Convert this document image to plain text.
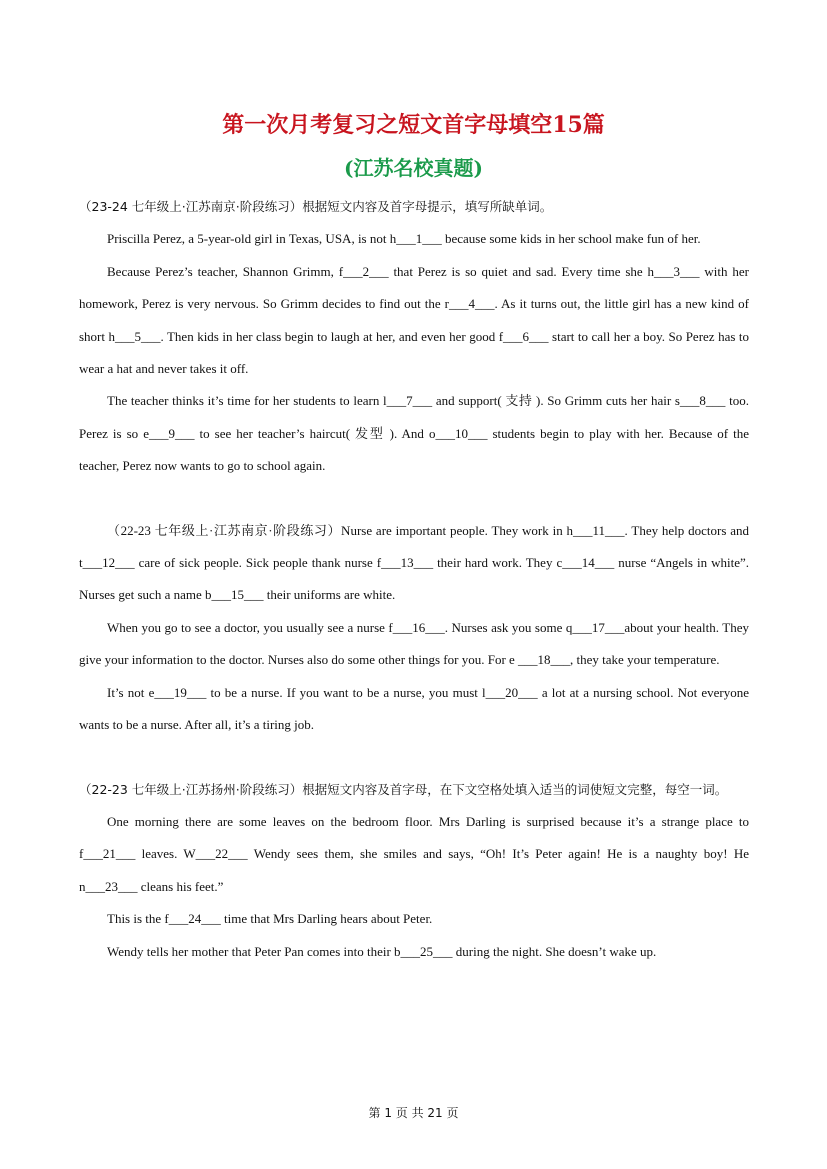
第一次月考复习之短文首字母填空15篇
(江苏名校真题)

（23-24 七年级上·江苏南京·阶段练习）根据短文内容及首字母提示，填写所缺单词。

Priscilla Perez, a 5-year-old girl in Texas, USA, is not h___1___ because some kids in her school make fun of her.

Because Perez’s teacher, Shannon Grimm, f___2___ that Perez is so quiet and sad. Every time she h___3___ with her homework, Perez is very nervous. So Grimm decides to find out the r___4___. As it turns out, the little girl has a new kind of short h___5___. Then kids in her class begin to laugh at her, and even her good f___6___ start to call her a boy. So Perez has to wear a hat and never takes it off.

The teacher thinks it’s time for her students to learn l___7___ and support( 支持 ). So Grimm cuts her hair s___8___ too. Perez is so e___9___ to see her teacher’s haircut( 发型 ). And o___10___ students begin to play with her. Because of the teacher, Perez now wants to go to school again.

（22-23 七年级上·江苏南京·阶段练习）Nurse are important people. They work in h___11___. They help doctors and t___12___ care of sick people. Sick people thank nurse f___13___ their hard work. They c___14___ nurse “Angels in white”. Nurses get such a name b___15___ their uniforms are white.

When you go to see a doctor, you usually see a nurse f___16___. Nurses ask you some q___17___about your health. They give your information to the doctor. Nurses also do some other things for you. For e ___18___, they take your temperature.

It’s not e___19___ to be a nurse. If you want to be a nurse, you must l___20___ a lot at a nursing school. Not everyone wants to be a nurse. After all, it’s a tiring job.

（22-23 七年级上·江苏扬州·阶段练习）根据短文内容及首字母，在下文空格处填入适当的词使短文完整，每空一词。

One morning there are some leaves on the bedroom floor. Mrs Darling is surprised because it’s a strange place to f___21___ leaves. W___22___ Wendy sees them, she smiles and says, “Oh! It’s Peter again! He is a naughty boy! He n___23___ cleans his feet.”

This is the f___24___ time that Mrs Darling hears about Peter.

Wendy tells her mother that Peter Pan comes into their b___25___ during the night. She doesn’t wake up.

第 1 页 共 21 页
